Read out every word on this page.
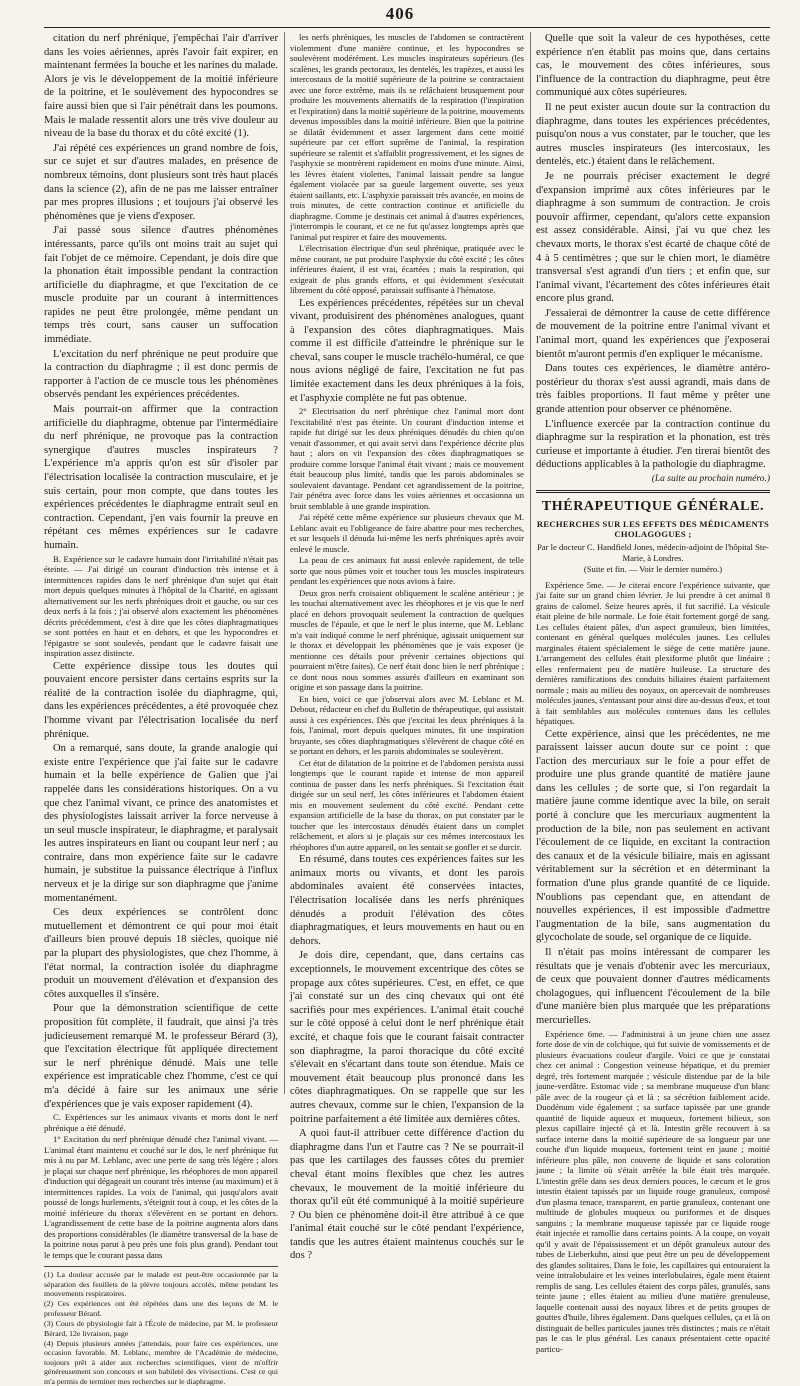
406

citation du nerf phrénique, j'empêchai l'air d'arriver dans les voies aériennes, après l'avoir fait expirer, en maintenant fermées la bouche et les narines du malade. Alors je vis le développement de la moitié inférieure de la poitrine, et le soulèvement des hypocondres se faire aussi bien que si l'air pénétrait dans les poumons. Mais le malade ressentit alors une très vive douleur au niveau de la base du thorax et du côté excité (1).

J'ai répété ces expériences un grand nombre de fois, sur ce sujet et sur d'autres malades, en présence de nombreux témoins, dont plusieurs sont très haut placés dans la science (2), afin de ne pas me laisser entraîner par mes propres illusions ; et toujours j'ai observé les phénomènes que je viens d'exposer.

J'ai passé sous silence d'autres phénomènes intéressants, parce qu'ils ont moins trait au sujet qui fait l'objet de ce mémoire. Cependant, je dois dire que la phonation était impossible pendant la contraction artificielle du diaphragme, et que l'excitation de ce muscle produite par un courant à intermittences rapides ne peut être prolongée, même pendant un temps très court, sans causer un suffocation immédiate.

L'excitation du nerf phrénique ne peut produire que la contraction du diaphragme ; il est donc permis de rapporter à l'action de ce muscle tous les phénomènes observés pendant les expériences précédentes.

Mais pourrait-on affirmer que la contraction artificielle du diaphragme, obtenue par l'intermédiaire du nerf phrénique, ne provoque pas la contraction synergique d'autres muscles inspirateurs ? L'expérience m'a appris qu'on est sûr d'isoler par l'électrisation localisée la contraction musculaire, et je suis certain, pour mon compte, que dans toutes les expériences précédentes le diaphragme entrait seul en contraction. Cependant, j'en vais fournir la preuve en répétant ces mêmes expériences sur le cadavre humain.

B. Expérience sur le cadavre humain dont l'irritabilité n'était pas éteinte. — J'ai dirigé un courant d'induction très intense et à intermittences rapides dans le nerf phrénique d'un sujet qui était mort depuis quelques minutes à l'hôpital de la Charité, en agissant alternativement sur les nerfs phréniques droit et gauche, ou sur ces deux nerfs à la fois ; j'ai observé alors exactement les phénomènes décrits précédemment, c'est à dire que les côtes diaphragmatiques se sont portées en haut et en dehors, et que les hypocondres et l'épigastre se sont soulevés, pendant que le cadavre faisait une inspiration assez distincte.

Cette expérience dissipe tous les doutes qui pouvaient encore persister dans certains esprits sur la réalité de la contraction isolée du diaphragme, qui, dans les expériences précédentes, a été provoquée chez l'homme vivant par l'électrisation localisée du nerf phrénique.

On a remarqué, sans doute, la grande analogie qui existe entre l'expérience que j'ai faite sur le cadavre humain et la belle expérience de Galien que j'ai rappelée dans les considérations historiques. On a vu que chez l'animal vivant, ce prince des anatomistes et des physiologistes laissait arriver la force nerveuse à un seul muscle inspirateur, le diaphragme, et paralysait les autres inspirateurs en liant ou coupant leur nerf ; au contraire, dans mon expérience faite sur le cadavre humain, je substitue la puissance électrique à l'influx nerveux et je la dirige sur son diaphragme que j'anime momentanément.

Ces deux expériences se contrôlent donc mutuellement et démontrent ce qui pour moi était d'ailleurs bien prouvé depuis 18 siècles, quoique nié par la plupart des physiologistes, que chez l'homme, à l'état normal, la contraction isolée du diaphragme produit un mouvement d'élévation et d'expansion des côtes auxquelles il s'insère.

Pour que la démonstration scientifique de cette proposition fût complète, il faudrait, que ainsi j'a très judicieusement remarqué M. le professeur Bérard (3), que l'excitation électrique fût appliquée directement sur le nerf phrénique dénudé. Mais une telle expérience est impraticable chez l'homme, c'est ce qui m'a décidé à faire sur les animaux une série d'expériences que je vais exposer rapidement (4).

C. Expériences sur les animaux vivants et morts dont le nerf phrénique a été dénudé.

1° Excitation du nerf phrénique dénudé chez l'animal vivant. — L'animal étant maintenu et couché sur le dos, le nerf phrénique fut mis à nu par M. Leblanc, avec une perte de sang très légère ; alors je plaçai sur chaque nerf phrénique, les rhéophores de mon appareil d'induction qui dégageait un courant très intense (au maximum) et à intermittences rapides. La voix de l'animal, qui jusqu'alors avait poussé de longs hurlements, s'éteignit tout à coup, et les côtes de la moitié inférieure du thorax s'élevèrent en se portant en dehors. L'agrandissement de cette base de la poitrine augmenta alors dans des proportions considérables (le diamètre transversal de la base de la poitrine nous parut à peu près une fois plus grand). Pendant tout le temps que le courant passa dans

(1) La douleur accusée par le malade est peut-être occasionnée par la séparation des feuillets de la plèvre toujours accolés, même pendant les mouvements respiratoires.

(2) Ces expériences ont été répétées dans une des leçons de M. le professeur Bérard.

(3) Cours de physiologie fait à l'École de médecine, par M. le professeur Bérard, 12e livraison, page

(4) Depuis plusieurs années j'attendais, pour faire ces expériences, une occasion favorable. M. Leblanc, membre de l'Académie de médecine, toujours prêt à aider aux recherches scientifiques, vient de m'offrir généreusement son concours et son habileté des vivisections. C'est ce qui m'a permis de terminer mes recherches sur le diaphragme.

les nerfs phréniques, les muscles de l'abdomen se contractèrent violemment d'une manière continue, et les hypocondres se soulevèrent modérément. Les muscles inspirateurs supérieurs (les scalènes, les grands pectoraux, les dentelés, les trapèzes, et aussi les intercostaux de la moitié supérieure de la poitrine se contractaient avec une force extrême, mais ils se relâchaient brusquement pour produire les mouvements alternatifs de la respiration (l'inspiration et l'expiration) dans la moitié supérieure de la poitrine, mouvements devenus impossibles dans la moitié inférieure. Bien que la poitrine se dilatât évidemment et assez largement dans cette moitié supérieure par cet effort suprême de l'animal, la respiration supérieure se ralentit et s'affaiblit progressivement, et les signes de l'asphyxie se montrèrent rapidement en moins d'une minute. Ainsi, les lèvres étaient violettes, l'animal laissait pendre sa langue également violacée par sa gueule largement ouverte, ses yeux étaient saillants, etc. L'asphyxie paraissait très avancée, en moins de trois minutes, de cette contraction continue et artificielle du diaphragme. Comme je destinais cet animal à d'autres expériences, j'interrompis le courant, et ce ne fut qu'assez longtemps après que l'animal put respirer et faire des mouvements.

L'électrisation électrique d'un seul phrénique, pratiquée avec le même courant, ne put produire l'asphyxie du côté excité ; les côtes inférieures étaient, il est vrai, écartées ; mais la respiration, qui exigeait de plus grands efforts, et qui évidemment s'exécutait librement du côté opposé, paraissait suffisante à l'hématose.

Les expériences précédentes, répétées sur un cheval vivant, produisirent des phénomènes analogues, quant à l'expansion des côtes diaphragmatiques. Mais comme il est difficile d'atteindre le phrénique sur le cheval, sans couper le muscle trachélo-huméral, ce que nous avions négligé de faire, l'excitation ne fut pas limitée exactement dans les deux phréniques à la fois, et l'asphyxie complète ne fut pas obtenue.

2° Electrisation du nerf phrénique chez l'animal mort dont l'excitabilité n'est pas éteinte. Un courant d'induction intense et rapide fut dirigé sur les deux phréniques dénudés du chien qu'on venait d'assommer, et qui avait servi dans l'expérience décrite plus haut ; alors on vit l'expansion des côtes diaphragmatiques se produire comme lorsque l'animal était vivant ; mais ce mouvement était beaucoup plus limité, tandis que les parois abdominales se soulevaient davantage. Pendant cet agrandissement de la poitrine, l'air pénétra avec force dans les voies aériennes et occasionna un bruit semblable à une grande inspiration.

J'ai répété cette même expérience sur plusieurs chevaux que M. Leblanc avait eu l'obligeance de faire abattre pour mes recherches, et sur lesquels il dénuda lui-même les nerfs phréniques après avoir enlevé le muscle.

La peau de ces animaux fut aussi enlevée rapidement, de telle sorte que nous pûmes voir et toucher tous les muscles inspirateurs pendant les expériences que nous avions à faire.

Deux gros nerfs croisaient obliquement le scalène antérieur ; je les touchai alternativement avec les rhéophores et je vis que le nerf placé en dehors provoquait seulement la contraction de quelques muscles de l'épaule, et que le nerf le plus interne, que M. Leblanc m'a vait indiqué comme le nerf phrénique, agissait uniquement sur le thorax et développait les phénomènes que je vais exposer (je mentionne ces détails pour prévenir certaines objections qui pourraient m'être faites). Ce nerf était donc bien le nerf phrénique ; ce dont nous nous sommes assurés d'ailleurs en examinant son origine et son passage dans la poitrine.

En bien, voici ce que j'observai alors avec M. Leblanc et M. Debout, rédacteur en chef du Bulletin de thérapeutique, qui assistait aussi à ces expériences. Dès que j'excitai les deux phréniques à la fois, l'animal, mort depuis quelques minutes, fit une inspiration bruyante, ses côtes diaphragmatiques s'élevèrent de chaque côté en se portant en dehors, et les parois abdominales se soulevèrent.

Cet état de dilatation de la poitrine et de l'abdomen persista aussi longtemps que le courant rapide et intense de mon appareil continua de passer dans les nerfs phréniques. Si l'excitation était dirigée sur un seul nerf, les côtes inférieures et l'abdomen étaient mis en mouvement seulement du côté excité. Pendant cette expansion artificielle de la base du thorax, on put constater par le toucher que les intercostaux dénudés étaient dans un complet relâchement, et alors si je plaçais sur ces mêmes intercostaux les rhéophores d'un autre appareil, on les sentait se gonfler et se durcir.

En résumé, dans toutes ces expériences faites sur les animaux morts ou vivants, et dont les parois abdominales avaient été conservées intactes, l'électrisation localisée dans les nerfs phréniques dénudés a produit l'élévation des côtes diaphragmatiques, et leurs mouvements en haut ou en dehors.

Je dois dire, cependant, que, dans certains cas exceptionnels, le mouvement excentrique des côtes se propage aux côtes supérieures. C'est, en effet, ce que j'ai constaté sur un des cinq chevaux qui ont été sacrifiés pour mes expériences. L'animal était couché sur le côté opposé à celui dont le nerf phrénique était excité, et chaque fois que le courant faisait contracter son diaphragme, la paroi thoracique du côté excité s'élevait en s'écartant dans toute son étendue. Mais ce mouvement était beaucoup plus prononcé dans les côtes diaphragmatiques. On se rappelle que sur les autres chevaux, comme sur le chien, l'expansion de la poitrine parfaitement a été limitée aux dernières côtes.

A quoi faut-il attribuer cette différence d'action du diaphragme dans l'un et l'autre cas ? Ne se pourrait-il pas que les cartilages des fausses côtes du premier cheval étant moins flexibles que chez les autres chevaux, le mouvement de la moitié inférieure du thorax qu'il eût été communiqué à la moitié supérieure ? Ou bien ce phénomène doit-il être attribué à ce que l'animal était couché sur le côté pendant l'expérience, tandis que les autres étaient maintenus couchés sur le dos ?

Quelle que soit la valeur de ces hypothèses, cette expérience n'en établit pas moins que, dans certains cas, le mouvement des côtes inférieures, sous l'influence de la contraction du diaphragme, peut être communiqué aux côtes supérieures.

Il ne peut exister aucun doute sur la contraction du diaphragme, dans toutes les expériences précédentes, puisqu'on nous a vus constater, par le toucher, que les autres muscles inspirateurs (les intercostaux, les dentelés, etc.) étaient dans le relâchement.

Je ne pourrais préciser exactement le degré d'expansion imprimé aux côtes inférieures par le diaphragme à son summum de contraction. Je crois pouvoir affirmer, cependant, qu'alors cette expansion est assez considérable. Ainsi, j'ai vu que chez les chevaux morts, le thorax s'est écarté de chaque côté de 4 à 5 centimètres ; que sur le chien mort, le diamètre transversal s'est agrandi d'un tiers ; et enfin que, sur l'animal vivant, l'écartement des côtes inférieures était encore plus grand.

J'essaierai de démontrer la cause de cette différence de mouvement de la poitrine entre l'animal vivant et l'animal mort, quand les expériences que j'exposerai bientôt m'auront permis d'en expliquer le mécanisme.

Dans toutes ces expériences, le diamètre antéro-postérieur du thorax s'est aussi agrandi, mais dans de très faibles proportions. Il faut même y prêter une grande attention pour observer ce phénomène.

L'influence exercée par la contraction continue du diaphragme sur la respiration et la phonation, est très curieuse et importante à étudier. J'en tirerai bientôt des déductions applicables à la pathologie du diaphragme.

(La suite au prochain numéro.)
THÉRAPEUTIQUE GÉNÉRALE.
RECHERCHES SUR LES EFFETS DES MÉDICAMENTS CHOLAGOGUES ;

Par le docteur C. Handfield Jones, médecin-adjoint de l'hôpital Ste-Marie, à Londres.

(Suite et fin. — Voir le dernier numéro.)

Expérience 5me. — Je citerai encore l'expérience suivante, que j'ai faite sur un grand chien lévrier. Je lui prendre à cet animal 8 grains de calomel. Seize heures après, il fut sacrifié. La vésicule était pleine de bile normale. Le foie était fortement gorgé de sang. Les cellules étaient pâles, d'un aspect granuleux, bien limitées, contenant en général quelques molécules jaunes. Les cellules marginales étaient spécialement le siège de cette matière jaune. L'arrangement des cellules était plexiforme plutôt que linéaire ; elles renfermaient peu de matière huileuse. La structure des dernières ramifications des conduits biliaires étaient parfaitement normale ; mais au milieu des noyaux, on apercevait de nombreuses molécules jaunes, s'entassant pour ainsi dire au-dessus d'eux, et tout à fait semblables aux molécules contenues dans les cellules hépatiques.

Cette expérience, ainsi que les précédentes, ne me paraissent laisser aucun doute sur ce point : que l'action des mercuriaux sur le foie a pour effet de produire une plus grande quantité de matière jaune dans les cellules ; de sorte que, si l'on regardait la matière jaune comme identique avec la bile, on serait porté à conclure que les mercuriaux augmentent la production de la bile, non pas seulement en activant l'écoulement de ce liquide, en excitant la contraction des canaux et de la vésicule biliaire, mais en agissant véritablement sur la sécrétion et en déterminant la formation d'une plus grande quantité de ce liquide. N'oublions pas cependant que, en attendant de nouvelles expériences, il est impossible d'admettre l'augmentation de la bile, sans augmentation du glycocholate de soude, sel organique de ce liquide.

Il n'était pas moins intéressant de comparer les résultats que je venais d'obtenir avec les mercuriaux, de ceux que pouvaient donner d'autres médicaments cholagogues, qui influencent l'écoulement de la bile d'une manière bien plus marquée que les préparations mercurielles.

Expérience 6me. — J'administrai à un jeune chien une assez forte dose de vin de colchique, qui fut suivie de vomissements et de plusieurs évacuations couleur d'argile. Voici ce que je constatai chez cet animal : Congestion veineuse hépatique, et du premier degré, très fortement marquée ; vésicule distendue par de la bile jaune-verdâtre. Estomac vide ; sa membrane muqueuse d'un blanc pâle avec de la rougeur çà et là ; sa sécrétion faiblement acide. Duodénum vide également ; sa surface tapissée par une grande quantité de liquide aqueux et muqueux, fortement bilieux, son plexus capillaire injecté çà et là. Intestin grêle recouvert à sa surface interne dans la moitié supérieure de sa longueur par une couche d'un liquide muqueux, fortement teint en jaune ; moitié inférieure plus pâle, non couverte de liquide et sans coloration jaune ; la limite où s'était arrêtée la bile était très marquée. L'intestin grêle dans ses deux derniers pouces, le cæcum et le gros intestin étaient tapissés par un liquide rouge granuleux, composé d'un plasma tenace, transparent, en partie granuleux, contenant une multitude de globules muqueux ou puriformes et de disques sanguins ; la membrane muqueuse tapissée par ce liquide rouge était injectée et ramollie dans certains points. A la coupe, on voyait qu'il y avait de l'épaississement et un dépôt granuleux autour des tubes de Lieberkuhn, ainsi que peut être un peu de développement des glandes solitaires. Dans le foie, les capillaires qui entouraient la veine intralobulaire et les veines interlobulaires, égale ment étaient remplis de sang. Les cellules étaient des corps pâles, granulés, sans teinte jaune ; elles étaient au milieu d'une matière grenuleuse, laquelle contenait aussi des noyaux libres et de petits groupes de gouttes d'huile, libres également. Dans quelques cellules, ça et là on distinguait de belles particules jaunes très distinctes ; mais ce n'était pas le cas le plus général. Les canaux présentaient cette opacité particu-
